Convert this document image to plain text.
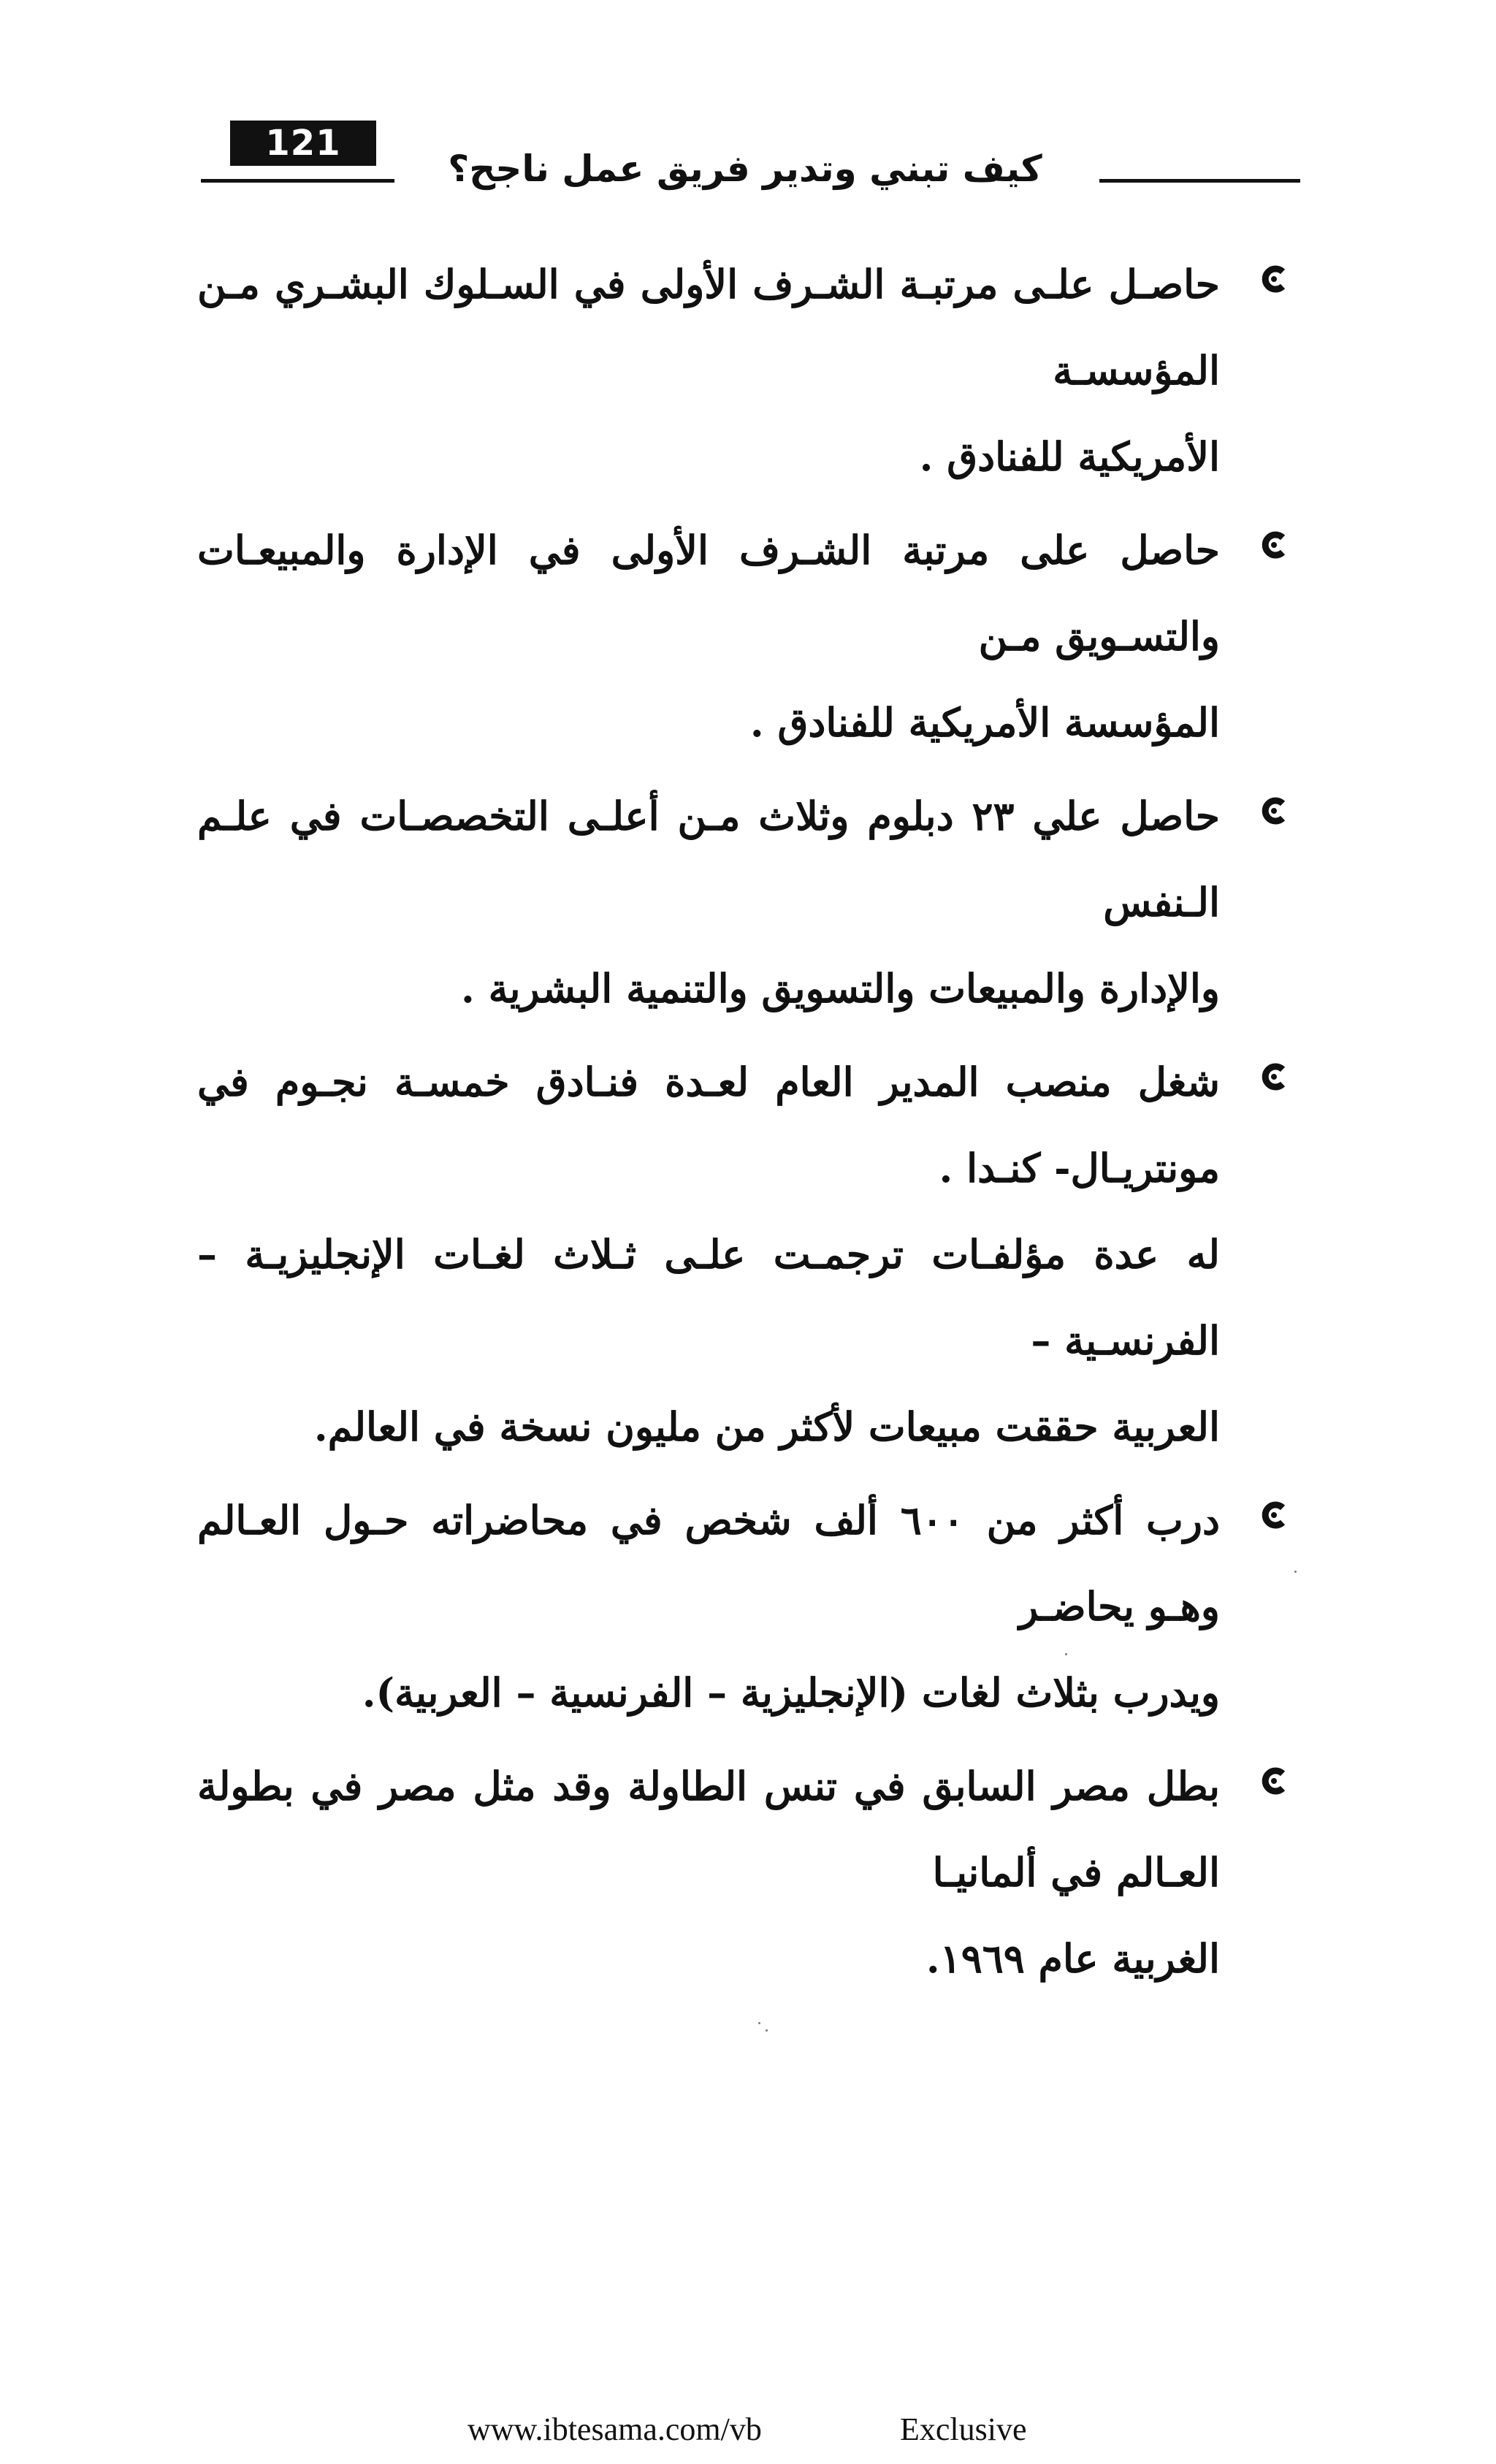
121
كيف تبني وتدير فريق عمل ناجح؟
حاصـل علـى مرتبـة الشـرف الأولى في السـلوك البشـري مـن المؤسسـة
الأمريكية للفنادق .
حاصل على مرتبة الشـرف الأولى في الإدارة والمبيعـات والتسـويق مـن
المؤسسة الأمريكية للفنادق .
حاصل علي ٢٣ دبلوم وثلاث مـن أعلـى التخصصـات في علـم الـنفس
والإدارة والمبيعات والتسويق والتنمية البشرية .
شغل منصب المدير العام لعـدة فنـادق خمسـة نجـوم في مونتريـال- كنـدا .
له عدة مؤلفـات ترجمـت علـى ثـلاث لغـات الإنجليزيـة – الفرنسـية –
العربية حققت مبيعات لأكثر من مليون نسخة في العالم.
درب أكثر من ٦٠٠ ألف شخص في محاضراته حـول العـالم وهـو يحاضـر
ويدرب بثلاث لغات (الإنجليزية – الفرنسية – العربية).
بطل مصر السابق في تنس الطاولة وقد مثل مصر في بطولة العـالم في ألمانيـا
الغربية عام ١٩٦٩.
www.ibtesama.com/vb	Exclusive
